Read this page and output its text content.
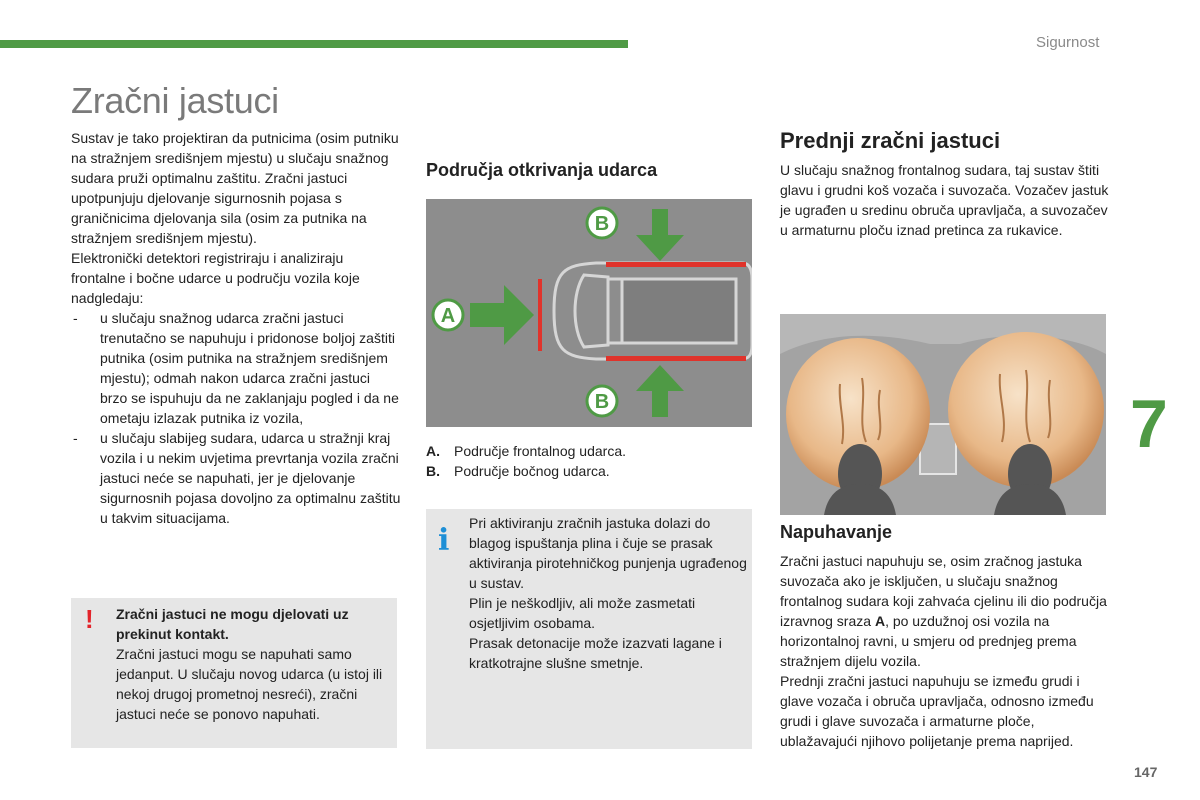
Sigurnost
Zračni jastuci

Sustav je tako projektiran da putnicima (osim putniku na stražnjem središnjem mjestu) u slučaju snažnog sudara pruži optimalnu zaštitu. Zračni jastuci upotpunjuju djelovanje sigurnosnih pojasa s graničnicima djelovanja sila (osim za putnika na stražnjem središnjem mjestu).

Elektronički detektori registriraju i analiziraju frontalne i bočne udarce u području vozila koje nadgledaju:

- u slučaju snažnog udarca zračni jastuci trenutačno se napuhuju i pridonose boljoj zaštiti putnika (osim putnika na stražnjem središnjem mjestu); odmah nakon udarca zračni jastuci brzo se ispuhuju da ne zaklanjaju pogled i da ne ometaju izlazak putnika iz vozila,
- u slučaju slabijeg sudara, udarca u stražnji kraj vozila i u nekim uvjetima prevrtanja vozila zračni jastuci neće se napuhati, jer je djelovanje sigurnosnih pojasa dovoljno za optimalnu zaštitu u takvim situacijama.
! Zračni jastuci ne mogu djelovati uz prekinut kontakt.
Zračni jastuci mogu se napuhati samo jedanput. U slučaju novog udarca (u istoj ili nekoj drugoj prometnoj nesreći), zračni jastuci neće se ponovo napuhati.
Područja otkrivanja udarca
A
B
B
A. Područje frontalnog udarca.
B. Područje bočnog udarca.
i Pri aktiviranju zračnih jastuka dolazi do blagog ispuštanja plina i čuje se prasak aktiviranja pirotehničkog punjenja ugrađenog u sustav.
Plin je neškodljiv, ali može zasmetati osjetljivim osobama.
Prasak detonacije može izazvati lagane i kratkotrajne slušne smetnje.
Prednji zračni jastuci
U slučaju snažnog frontalnog sudara, taj sustav štiti glavu i grudni koš vozača i suvozača. Vozačev jastuk je ugrađen u sredinu obruča upravljača, a suvozačev u armaturnu ploču iznad pretinca za rukavice.
Napuhavanje
Zračni jastuci napuhuju se, osim zračnog jastuka suvozača ako je isključen, u slučaju snažnog frontalnog sudara koji zahvaća cjelinu ili dio područja izravnog sraza A, po uzdužnoj osi vozila na horizontalnoj ravni, u smjeru od prednjeg prema stražnjem dijelu vozila.
Prednji zračni jastuci napuhuju se između grudi i glave vozača i obruča upravljača, odnosno između grudi i glave suvozača i armaturne ploče, ublažavajući njihovo polijetanje prema naprijed.
7
147
